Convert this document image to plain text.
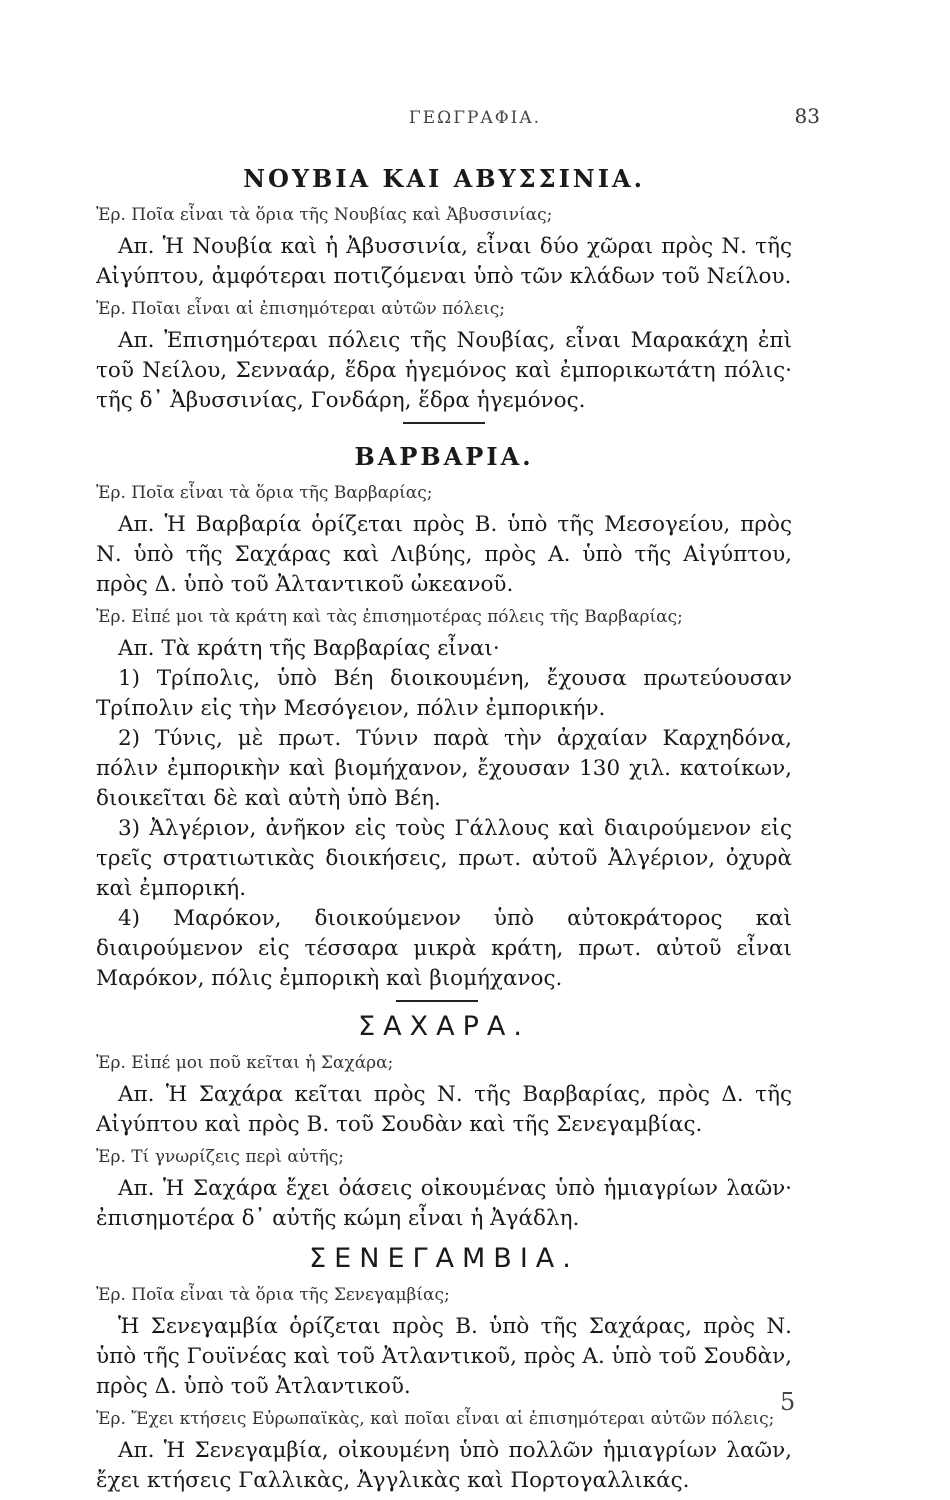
ΓΕΩΓΡΑΦΙΑ.	83
ΝΟΥΒΙΑ ΚΑΙ ΑΒΥΣΣΙΝΙΑ.
Ἐρ. Ποῖα εἶναι τὰ ὅρια τῆς Νουβίας καὶ Ἀβυσσινίας;

Απ. Ἡ Νουβία καὶ ἡ Ἀβυσσινία, εἶναι δύο χῶραι πρὸς Ν. τῆς Αἰγύπτου, ἀμφότεραι ποτιζόμεναι ὑπὸ τῶν κλάδων τοῦ Νείλου.

Ἐρ. Ποῖαι εἶναι αἱ ἐπισημότεραι αὐτῶν πόλεις;

Απ. Ἐπισημότεραι πόλεις τῆς Νουβίας, εἶναι Μαρακάχη ἐπὶ τοῦ Νείλου, Σενναάρ, ἕδρα ἡγεμόνος καὶ ἐμπορικωτάτη πόλις· τῆς δ᾽ Ἀβυσσινίας, Γονδάρη, ἕδρα ἡγεμόνος.

ΒΑΡΒΑΡΙΑ.
Ἐρ. Ποῖα εἶναι τὰ ὅρια τῆς Βαρβαρίας;

Απ. Ἡ Βαρβαρία ὁρίζεται πρὸς Β. ὑπὸ τῆς Μεσογείου, πρὸς Ν. ὑπὸ τῆς Σαχάρας καὶ Λιβύης, πρὸς Α. ὑπὸ τῆς Αἰγύπτου, πρὸς Δ. ὑπὸ τοῦ Ἀλταντικοῦ ὠκεανοῦ.

Ἐρ. Εἰπέ μοι τὰ κράτη καὶ τὰς ἐπισημοτέρας πόλεις τῆς Βαρβαρίας;

Απ. Τὰ κράτη τῆς Βαρβαρίας εἶναι·

1) Τρίπολις, ὑπὸ Βέη διοικουμένη, ἔχουσα πρωτεύουσαν Τρίπολιν εἰς τὴν Μεσόγειον, πόλιν ἐμπορικήν.

2) Τύνις, μὲ πρωτ. Τύνιν παρὰ τὴν ἀρχαίαν Καρχηδόνα, πόλιν ἐμπορικὴν καὶ βιομήχανον, ἔχουσαν 130 χιλ. κατοίκων, διοικεῖται δὲ καὶ αὐτὴ ὑπὸ Βέη.

3) Ἀλγέριον, ἀνῆκον εἰς τοὺς Γάλλους καὶ διαιρούμενον εἰς τρεῖς στρατιωτικὰς διοικήσεις, πρωτ. αὐτοῦ Ἀλγέριον, ὀχυρὰ καὶ ἐμπορική.

4) Μαρόκον, διοικούμενον ὑπὸ αὐτοκράτορος καὶ διαιρούμενον εἰς τέσσαρα μικρὰ κράτη, πρωτ. αὐτοῦ εἶναι Μαρόκον, πόλις ἐμπορικὴ καὶ βιομήχανος.

ΣΑΧΑΡΑ.
Ἐρ. Εἰπέ μοι ποῦ κεῖται ἡ Σαχάρα;

Απ. Ἡ Σαχάρα κεῖται πρὸς Ν. τῆς Βαρβαρίας, πρὸς Δ. τῆς Αἰγύπτου καὶ πρὸς Β. τοῦ Σουδὰν καὶ τῆς Σενεγαμβίας.

Ἐρ. Τί γνωρίζεις περὶ αὐτῆς;

Απ. Ἡ Σαχάρα ἔχει ὀάσεις οἰκουμένας ὑπὸ ἡμιαγρίων λαῶν· ἐπισημοτέρα δ᾽ αὐτῆς κώμη εἶναι ἡ Ἀγάδλη.

ΣΕΝΕΓΑΜΒΙΑ.
Ἐρ. Ποῖα εἶναι τὰ ὅρια τῆς Σενεγαμβίας;

Ἡ Σενεγαμβία ὁρίζεται πρὸς Β. ὑπὸ τῆς Σαχάρας, πρὸς Ν. ὑπὸ τῆς Γουϊνέας καὶ τοῦ Ἀτλαντικοῦ, πρὸς Α. ὑπὸ τοῦ Σουδὰν, πρὸς Δ. ὑπὸ τοῦ Ἀτλαντικοῦ.

Ἐρ. Ἔχει κτήσεις Εὐρωπαϊκὰς, καὶ ποῖαι εἶναι αἱ ἐπισημότεραι αὐτῶν πόλεις;

Απ. Ἡ Σενεγαμβία, οἰκουμένη ὑπὸ πολλῶν ἡμιαγρίων λαῶν, ἔχει κτήσεις Γαλλικὰς, Ἀγγλικὰς καὶ Πορτογαλλικάς.

5
